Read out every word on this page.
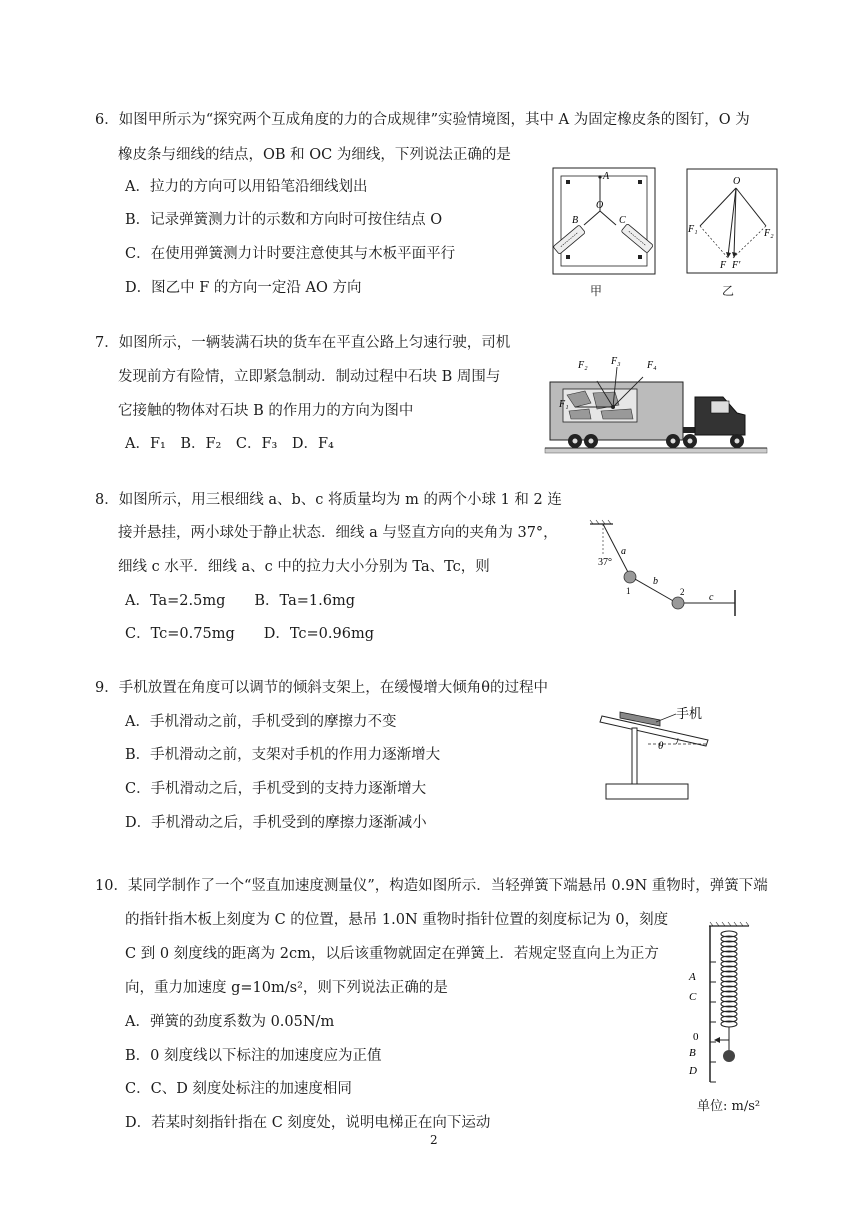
6．如图甲所示为“探究两个互成角度的力的合成规律”实验情境图，其中 A 为固定橡皮条的图钉，O 为
橡皮条与细线的结点，OB 和 OC 为细线，下列说法正确的是
A．拉力的方向可以用铅笔沿细线划出
B．记录弹簧测力计的示数和方向时可按住结点 O
C．在使用弹簧测力计时要注意使其与木板平面平行
D．图乙中 F 的方向一定沿 AO 方向
A
O
B	C
甲
O
F₁	F₂
F F′
乙
7．如图所示，一辆装满石块的货车在平直公路上匀速行驶，司机
发现前方有险情，立即紧急制动．制动过程中石块 B 周围与
它接触的物体对石块 B 的作用力的方向为图中
A．F₁　B．F₂　C．F₃　D．F₄
F₂ F₃	F₄
F₁
8．如图所示，用三根细线 a、b、c 将质量均为 m 的两个小球 1 和 2 连
接并悬挂，两小球处于静止状态．细线 a 与竖直方向的夹角为 37°，
细线 c 水平．细线 a、c 中的拉力大小分别为 Ta、Tc，则
A．Ta=2.5mg　　B．Ta=1.6mg
C．Tc=0.75mg　　D．Tc=0.96mg
37°
a
b
c
1	2
9．手机放置在角度可以调节的倾斜支架上，在缓慢增大倾角θ的过程中
A．手机滑动之前，手机受到的摩擦力不变
B．手机滑动之前，支架对手机的作用力逐渐增大
C．手机滑动之后，手机受到的支持力逐渐增大
D．手机滑动之后，手机受到的摩擦力逐渐减小
θ
手机
10．某同学制作了一个“竖直加速度测量仪”，构造如图所示．当轻弹簧下端悬吊 0.9N 重物时，弹簧下端
的指针指木板上刻度为 C 的位置，悬吊 1.0N 重物时指针位置的刻度标记为 0，刻度
C 到 0 刻度线的距离为 2cm，以后该重物就固定在弹簧上．若规定竖直向上为正方
向，重力加速度 g=10m/s²，则下列说法正确的是
A．弹簧的劲度系数为 0.05N/m
B．0 刻度线以下标注的加速度应为正值
C．C、D 刻度处标注的加速度相同
D．若某时刻指针指在 C 刻度处，说明电梯正在向下运动
A
C
0
B
D
单位: m/s²
2
